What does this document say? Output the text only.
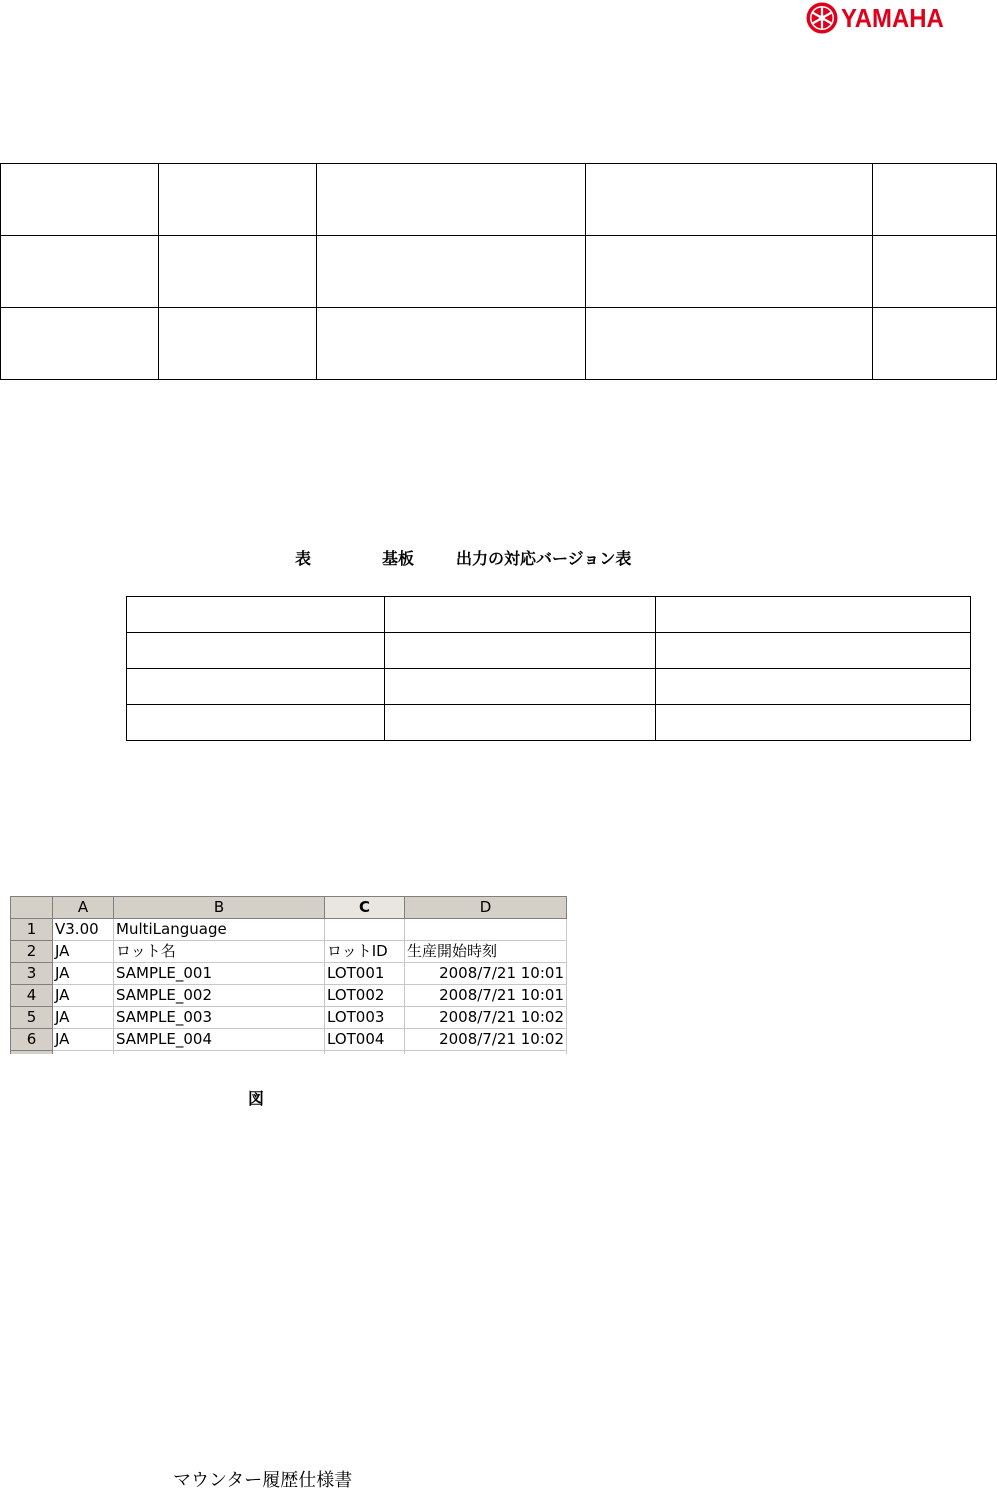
YAMAHA

表	基板	出力の対応バージョン表

	A	B	C	D
1	V3.00	MultiLanguage		
2	JA	ロット名	ロットID	生産開始時刻
3	JA	SAMPLE_001	LOT001	2008/7/21 10:01
4	JA	SAMPLE_002	LOT002	2008/7/21 10:01
5	JA	SAMPLE_003	LOT003	2008/7/21 10:02
6	JA	SAMPLE_004	LOT004	2008/7/21 10:02

図
マウンター履歴仕様書
